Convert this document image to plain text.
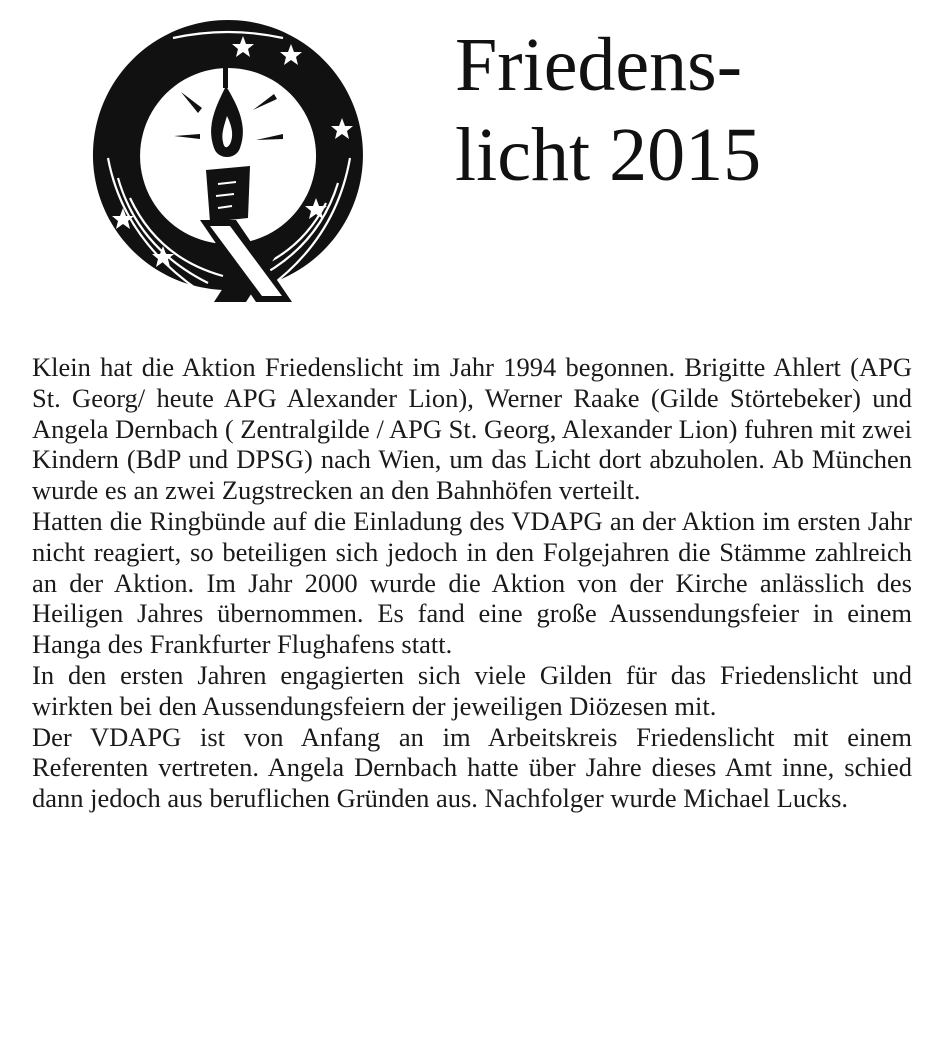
Friedens-
licht 2015
Klein hat die Aktion Friedenslicht im Jahr 1994 begonnen. Brigitte Ahlert (APG St. Georg/ heute APG Alexander Lion), Werner Raake (Gilde Störtebeker) und Angela Dernbach ( Zentralgilde / APG St. Georg, Alexander Lion) fuhren mit zwei Kindern (BdP und DPSG) nach Wien, um das Licht dort abzuholen. Ab München wurde es an zwei Zugstrecken an den Bahnhöfen verteilt.
Hatten die Ringbünde auf die Einladung des VDAPG an der Aktion im ersten Jahr nicht reagiert, so beteiligen sich jedoch in den Folgejahren die Stämme zahlreich an der Aktion. Im Jahr 2000 wurde die Aktion von der Kirche anlässlich des Heiligen Jahres übernommen. Es fand eine große Aussendungsfeier in einem Hanga des Frankfurter Flughafens statt.
In den ersten Jahren engagierten sich viele Gilden für das Friedenslicht und wirkten bei den Aussendungsfeiern der jeweiligen Diözesen mit.
Der VDAPG ist von Anfang an im Arbeitskreis Friedenslicht mit einem Referenten vertreten. Angela Dernbach hatte über Jahre dieses Amt inne, schied dann jedoch aus beruflichen Gründen aus. Nachfolger wurde Michael Lucks.
